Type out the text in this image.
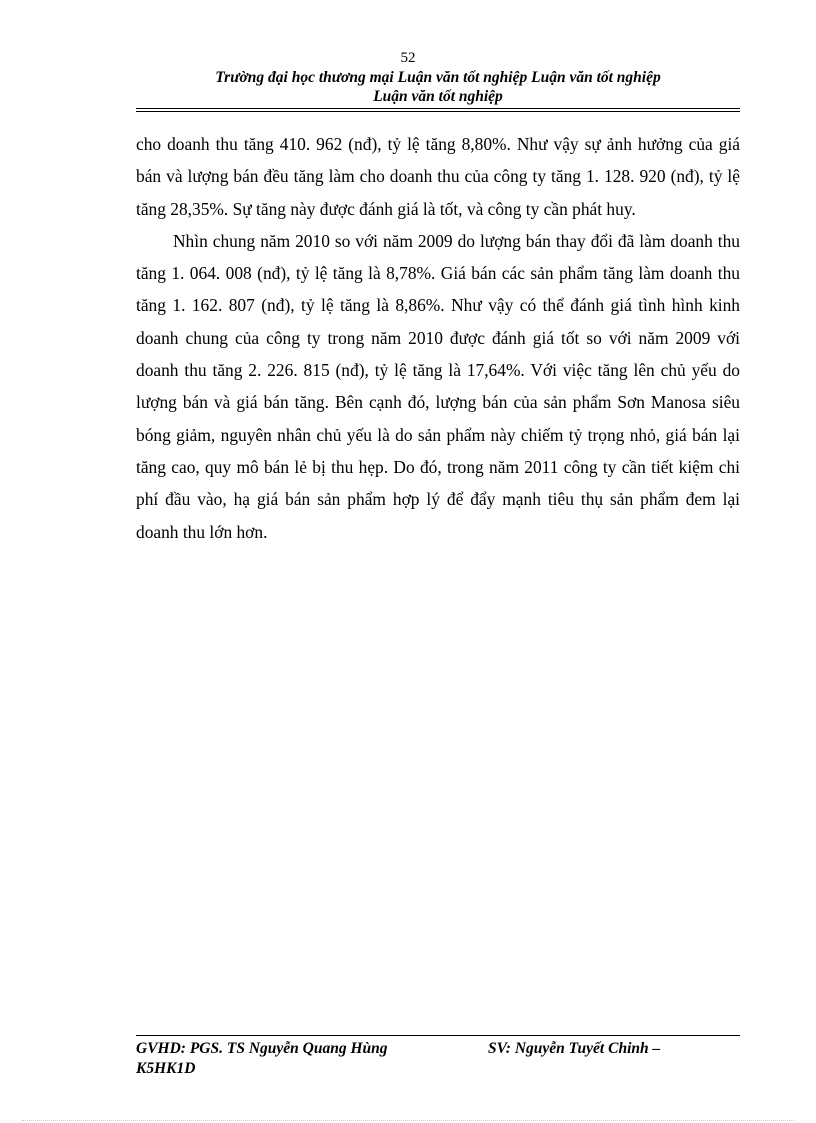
52
Trường đại học thương mại Luận văn tốt nghiệp Luận văn tốt nghiệp
Luận văn tốt nghiệp

cho doanh thu tăng 410. 962 (nđ), tỷ lệ tăng 8,80%. Như vậy sự ảnh hưởng của giá bán và lượng bán đều tăng làm cho doanh thu của công ty tăng 1. 128. 920 (nđ), tỷ lệ tăng 28,35%. Sự tăng này được đánh giá là tốt, và công ty cần phát huy.

Nhìn chung năm 2010 so với năm 2009 do lượng bán thay đổi đã làm doanh thu tăng 1. 064. 008 (nđ), tỷ lệ tăng là 8,78%. Giá bán các sản phẩm tăng làm doanh thu tăng 1. 162. 807 (nđ), tỷ lệ tăng là 8,86%. Như vậy có thể đánh giá tình hình kinh doanh chung của công ty trong năm 2010 được đánh giá tốt so với năm 2009 với doanh thu tăng 2. 226. 815 (nđ), tỷ lệ tăng là 17,64%. Với việc tăng lên chủ yếu do lượng bán và giá bán tăng. Bên cạnh đó, lượng bán của sản phẩm Sơn Manosa siêu bóng giảm, nguyên nhân chủ yếu là do sản phẩm này chiếm tỷ trọng nhỏ, giá bán lại tăng cao, quy mô bán lẻ bị thu hẹp. Do đó, trong năm 2011 công ty cần tiết kiệm chi phí đầu vào, hạ giá bán sản phẩm hợp lý để đẩy mạnh tiêu thụ sản phẩm đem lại doanh thu lớn hơn.

GVHD: PGS. TS Nguyễn Quang Hùng	SV: Nguyễn Tuyết Chinh –
K5HK1D
